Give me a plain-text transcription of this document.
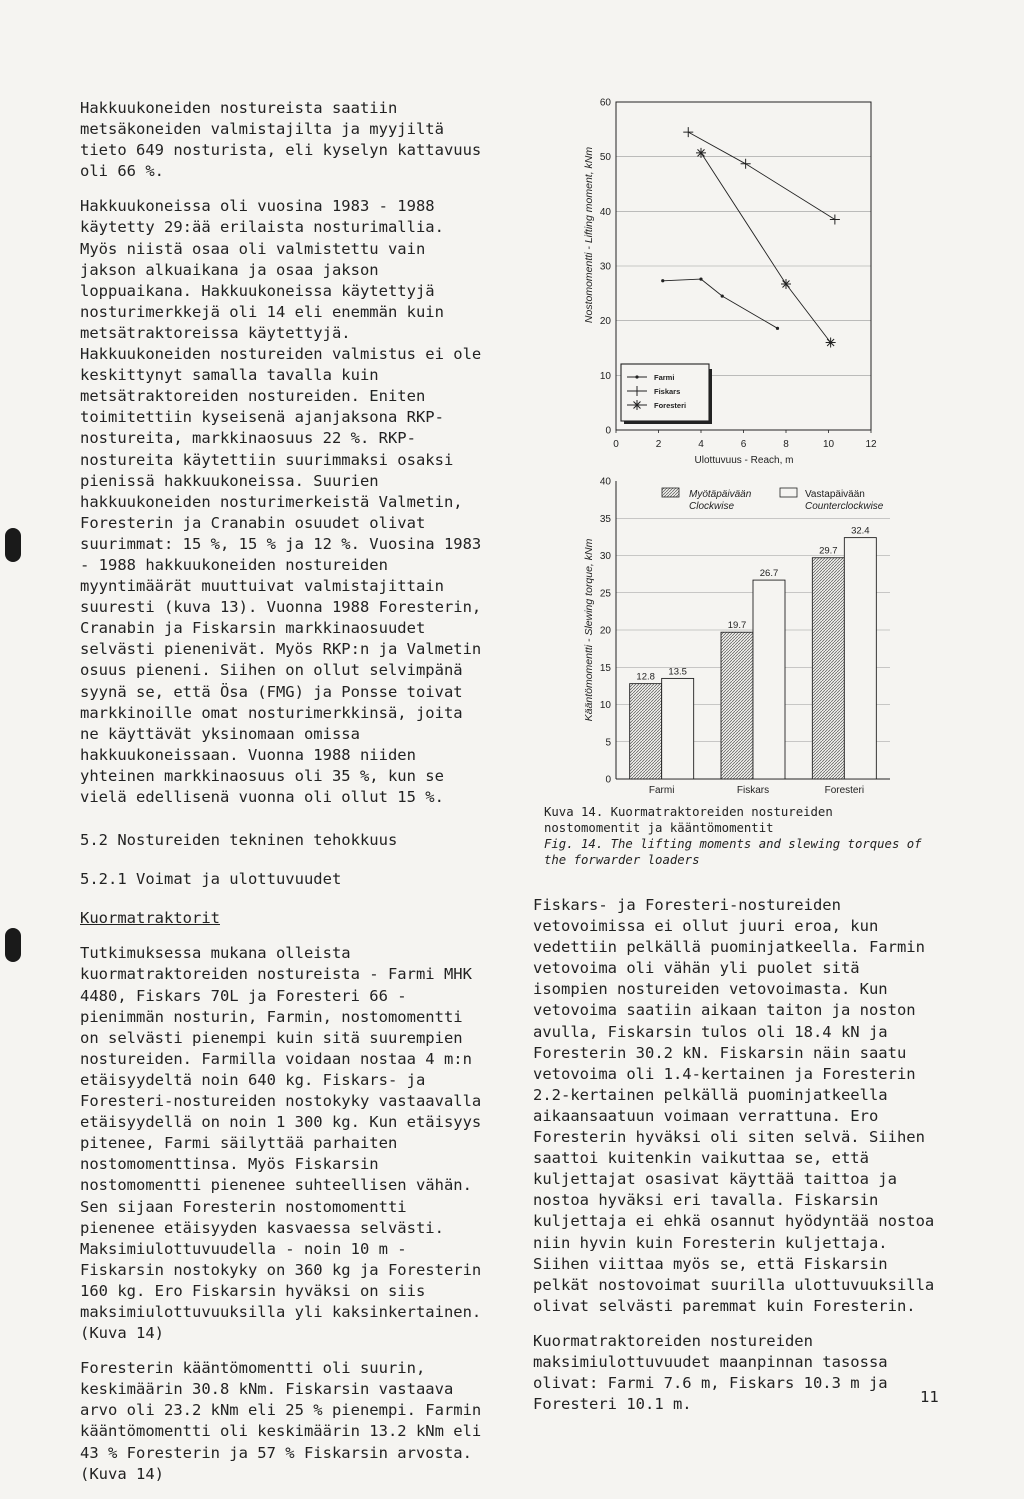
Hakkuukoneiden nostureista saatiin metsäkoneiden valmistajilta ja myyjiltä tieto 649 nosturista, eli kyselyn kattavuus oli 66 %.

Hakkuukoneissa oli vuosina 1983 - 1988 käytetty 29:ää erilaista nosturimallia. Myös niistä osaa oli valmistettu vain jakson alkuaikana ja osaa jakson loppuaikana. Hakkuukoneissa käytettyjä nosturimerkkejä oli 14 eli enemmän kuin metsätraktoreissa käytettyjä. Hakkuukoneiden nostureiden valmistus ei ole keskittynyt samalla tavalla kuin metsätraktoreiden nostureiden. Eniten toimitettiin kyseisenä ajanjaksona RKP-nostureita, markkinaosuus 22 %. RKP-nostureita käytettiin suurimmaksi osaksi pienissä hakkuukoneissa. Suurien hakkuukoneiden nosturimerkeistä Valmetin, Foresterin ja Cranabin osuudet olivat suurimmat: 15 %, 15 % ja 12 %. Vuosina 1983 - 1988 hakkuukoneiden nostureiden myyntimäärät muuttuivat valmistajittain suuresti (kuva 13). Vuonna 1988 Foresterin, Cranabin ja Fiskarsin markkinaosuudet selvästi pienenivät. Myös RKP:n ja Valmetin osuus pieneni. Siihen on ollut selvimpänä syynä se, että Ösa (FMG) ja Ponsse toivat markkinoille omat nosturimerkkinsä, joita ne käyttävät yksinomaan omissa hakkuukoneissaan. Vuonna 1988 niiden yhteinen markkinaosuus oli 35 %, kun se vielä edellisenä vuonna oli ollut 15 %.

5.2 Nostureiden tekninen tehokkuus

5.2.1 Voimat ja ulottuvuudet

Kuormatraktorit

Tutkimuksessa mukana olleista kuormatraktoreiden nostureista - Farmi MHK 4480, Fiskars 70L ja Foresteri 66 - pienimmän nosturin, Farmin, nostomomentti on selvästi pienempi kuin sitä suurempien nostureiden. Farmilla voidaan nostaa 4 m:n etäisyydeltä noin 640 kg. Fiskars- ja Foresteri-nostureiden nostokyky vastaavalla etäisyydellä on noin 1 300 kg. Kun etäisyys pitenee, Farmi säilyttää parhaiten nostomomenttinsa. Myös Fiskarsin nostomomentti pienenee suhteellisen vähän. Sen sijaan Foresterin nostomomentti pienenee etäisyyden kasvaessa selvästi. Maksimiulottuvuudella - noin 10 m - Fiskarsin nostokyky on 360 kg ja Foresterin 160 kg. Ero Fiskarsin hyväksi on siis maksimiulottuvuuksilla yli kaksinkertainen. (Kuva 14)

Foresterin kääntömomentti oli suurin, keskimäärin 30.8 kNm. Fiskarsin vastaava arvo oli 23.2 kNm eli 25 % pienempi. Farmin kääntömomentti oli keskimäärin 13.2 kNm eli 43 % Foresterin ja 57 % Fiskarsin arvosta. (Kuva 14)

0
10
20
30
40
50
60
0	2	4	6	8	10	12
Nostomomentti - Lifting moment, kNm
Ulottuvuus - Reach, m
Farmi
Fiskars
Foresteri
0
5
10
15
20
25
30
35
40
Farmi
12.8 13.5
Fiskars
19.7
26.7
Foresteri
29.7
32.4
Kääntömomentti - Slewing torque, kNm
Myötäpäivään
Clockwise
Vastapäivään
Counterclockwise
Kuva 14. Kuormatraktoreiden nostureiden nostomomentit ja kääntömomentit
Fig. 14. The lifting moments and slewing torques of the forwarder loaders

Fiskars- ja Foresteri-nostureiden vetovoimissa ei ollut juuri eroa, kun vedettiin pelkällä puominjatkeella. Farmin vetovoima oli vähän yli puolet sitä isompien nostureiden vetovoimasta. Kun vetovoima saatiin aikaan taiton ja noston avulla, Fiskarsin tulos oli 18.4 kN ja Foresterin 30.2 kN. Fiskarsin näin saatu vetovoima oli 1.4-kertainen ja Foresterin 2.2-kertainen pelkällä puominjatkeella aikaansaatuun voimaan verrattuna. Ero Foresterin hyväksi oli siten selvä. Siihen saattoi kuitenkin vaikuttaa se, että kuljettajat osasivat käyttää taittoa ja nostoa hyväksi eri tavalla. Fiskarsin kuljettaja ei ehkä osannut hyödyntää nostoa niin hyvin kuin Foresterin kuljettaja. Siihen viittaa myös se, että Fiskarsin pelkät nostovoimat suurilla ulottuvuuksilla olivat selvästi paremmat kuin Foresterin.

Kuormatraktoreiden nostureiden maksimiulottuvuudet maanpinnan tasossa olivat: Farmi 7.6 m, Fiskars 10.3 m ja Foresteri 10.1 m.	11
